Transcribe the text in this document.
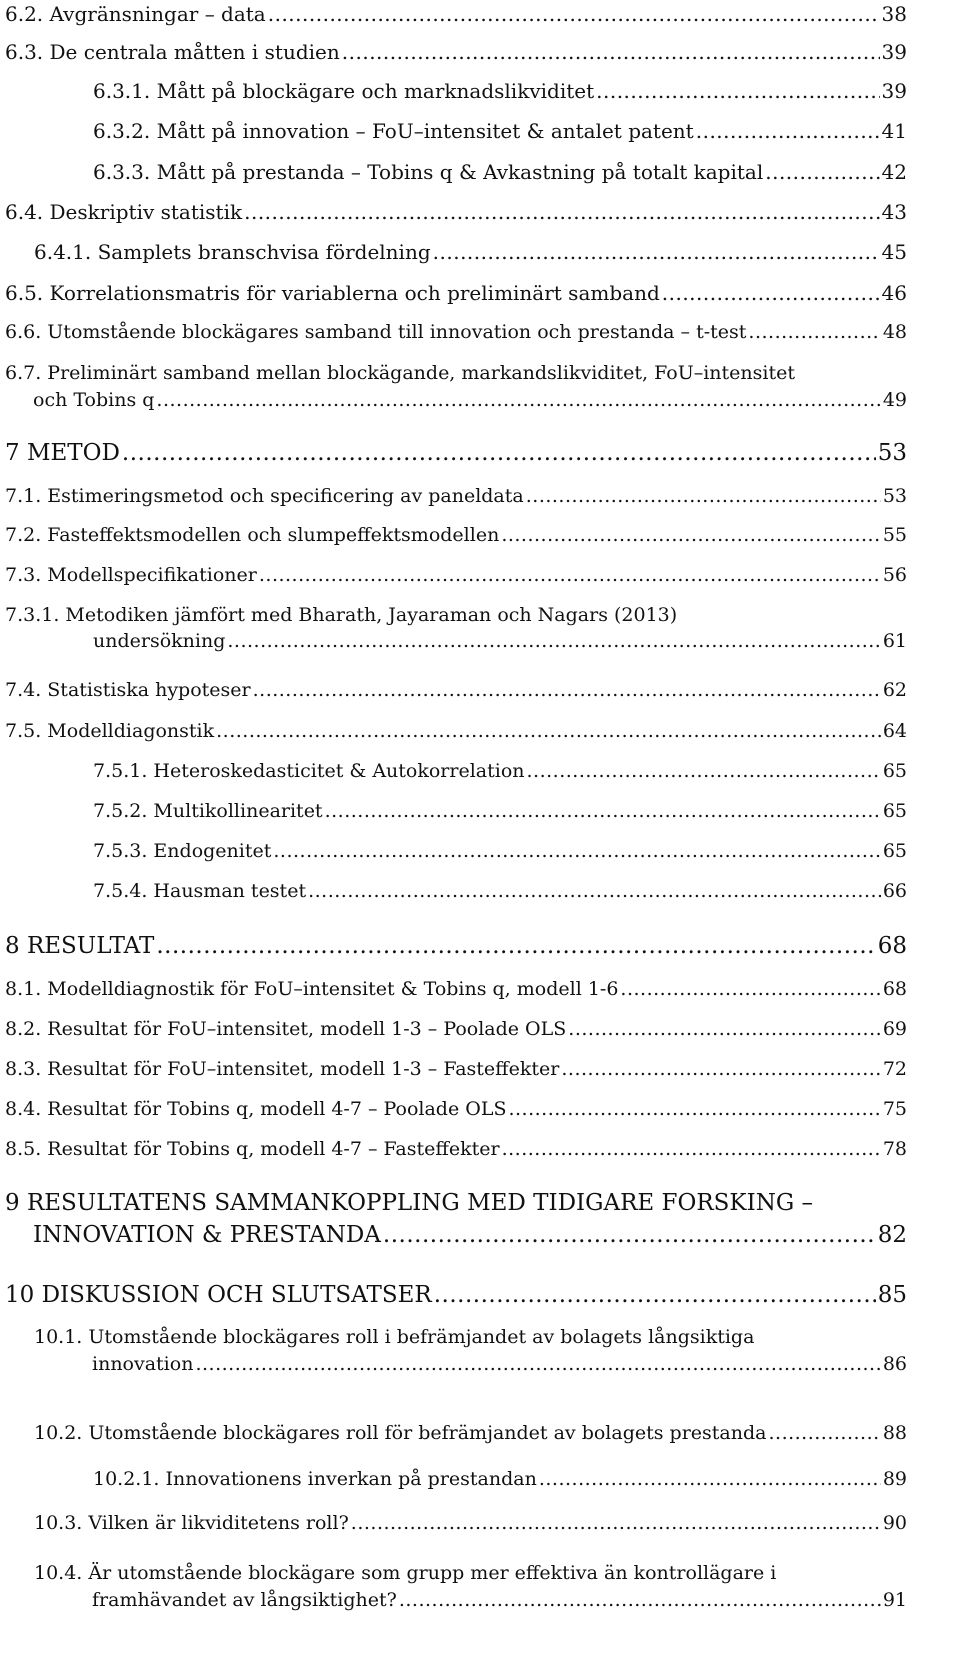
6.2. Avgränsningar – data .....	38
6.3. De centrala måtten i studien .....	39
6.3.1. Mått på blockägare och marknadslikviditet .....	39
6.3.2. Mått på innovation – FoU–intensitet & antalet patent .....	41
6.3.3. Mått på prestanda – Tobins q & Avkastning på totalt kapital .....	42
6.4. Deskriptiv statistik .....	43
6.4.1. Samplets branschvisa fördelning .....	45
6.5. Korrelationsmatris för variablerna och preliminärt samband .....	46
6.6. Utomstående blockägares samband till innovation och prestanda – t-test .....	48
6.7. Preliminärt samband mellan blockägande, markandslikviditet, FoU–intensitet
och Tobins q .....	49
7 METOD .....	53
7.1. Estimeringsmetod och specificering av paneldata .....	53
7.2. Fasteffektsmodellen och slumpeffektsmodellen .....	55
7.3. Modellspecifikationer .....	56
7.3.1. Metodiken jämfört med Bharath, Jayaraman och Nagars (2013)
undersökning .....	61
7.4. Statistiska hypoteser .....	62
7.5. Modelldiagonstik .....	64
7.5.1. Heteroskedasticitet & Autokorrelation .....	65
7.5.2. Multikollinearitet .....	65
7.5.3. Endogenitet .....	65
7.5.4. Hausman testet .....	66
8 RESULTAT .....	68
8.1. Modelldiagnostik för FoU–intensitet & Tobins q, modell 1-6 .....	68
8.2. Resultat för FoU–intensitet, modell 1-3 – Poolade OLS .....	69
8.3. Resultat för FoU–intensitet, modell 1-3 – Fasteffekter .....	72
8.4. Resultat för Tobins q, modell 4-7 – Poolade OLS .....	75
8.5. Resultat för Tobins q, modell 4-7 – Fasteffekter .....	78
9 RESULTATENS SAMMANKOPPLING MED TIDIGARE FORSKING –
INNOVATION & PRESTANDA .....	82
10 DISKUSSION OCH SLUTSATSER .....	85
10.1. Utomstående blockägares roll i befrämjandet av bolagets långsiktiga
innovation .....	86
10.2. Utomstående blockägares roll för befrämjandet av bolagets prestanda .....	88
10.2.1. Innovationens inverkan på prestandan .....	89
10.3. Vilken är likviditetens roll? .....	90
10.4. Är utomstående blockägare som grupp mer effektiva än kontrollägare i
framhävandet av långsiktighet? .....	91
